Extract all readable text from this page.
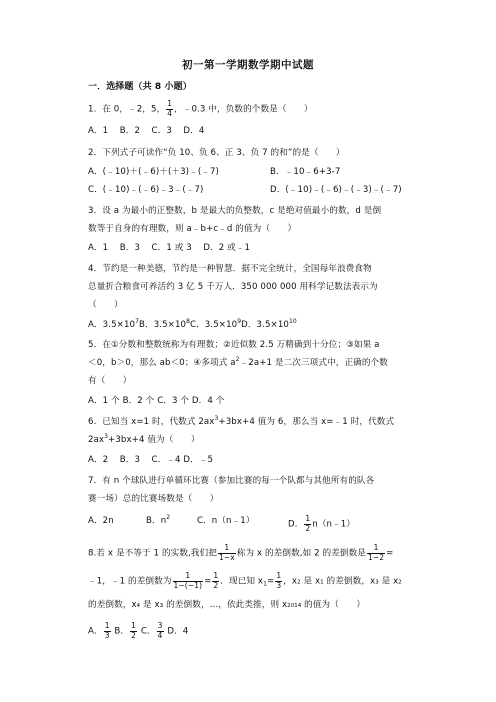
初一第一学期数学期中试题
一．选择题（共 8 小题）
1．在 0，﹣2，5， $\frac{1}{4}$ ，﹣0.3 中，负数的个数是（　　）
A．1　 B．2　 C．3　 D．4
2．下列式子可读作“负 10、负 6、正 3、负 7 的和”的是（　　）
A．(﹣10)＋(﹣6)＋(＋3)﹣(﹣7)	B．﹣10﹣6+3-7
C．(﹣10)﹣(﹣6)﹣3﹣(﹣7)	D．(﹣10)﹣(﹣6)﹣(﹣3)﹣(﹣7)
3．设 a 为最小的正整数，b 是最大的负整数，c 是绝对值最小的数，d 是倒
数等于自身的有理数，则 a﹣b+c﹣d 的值为（　　）
A．1　 B．3　 C．1 或 3　 D．2 或﹣1
4．节约是一种美德，节约是一种智慧．据不完全统计，全国每年浪费食物
总量折合粮食可养活约 3 亿 5 千万人．350 000 000 用科学记数法表示为
（　　）
A．$3.5\times 10^7B$．$3.5\times 10^8C$．$3.5\times 10^9D$．$3.5\times 10^{10}$
5．在①分数和整数统称为有理数；②近似数 2.5 万精确到十分位；③如果 a
＜0，b＞0，那么 ab＜0；④多项式 $a^2﹣2a+1$ 是二次三项式中，正确的个数
有（　　）
A．1 个 B．2 个 C．3 个 D．4 个
6．已知当 x=1 时，代数式 $2ax^3+3bx+4$ 值为 6，那么当 x=﹣1 时，代数式
$2ax^3+3bx+4$ 值为（　　）
A．2　 B．3　 C．﹣4 D．﹣5
7．有 n 个球队进行单循环比赛（参加比赛的每一个队都与其他所有的队各
赛一场）总的比赛场数是（　　）
A．2n	B．$n^2$	C．n（n﹣1）	D． $\frac{1}{2}$ n（n﹣1）
8.若 x 是不等于 1 的实数,我们把 $\frac{1}{1-x}$ 称为 x 的差倒数,如 2 的差倒数是 $\frac{1}{1-2}$ =
﹣1，﹣1 的差倒数为 $\frac{1}{1-(-1)} = \frac{1}{2}$ ．现已知 $x_1= \frac{1}{3}$ ，x₂ 是 x₁ 的差倒数，x₃ 是 x₂
的差倒数，x₄ 是 x₃ 的差倒数，…，依此类推，则 x₂₀₁₄ 的值为（　　）
A． $\frac{1}{3}$ B． $\frac{1}{2}$ C． $\frac{3}{4}$ D．4
